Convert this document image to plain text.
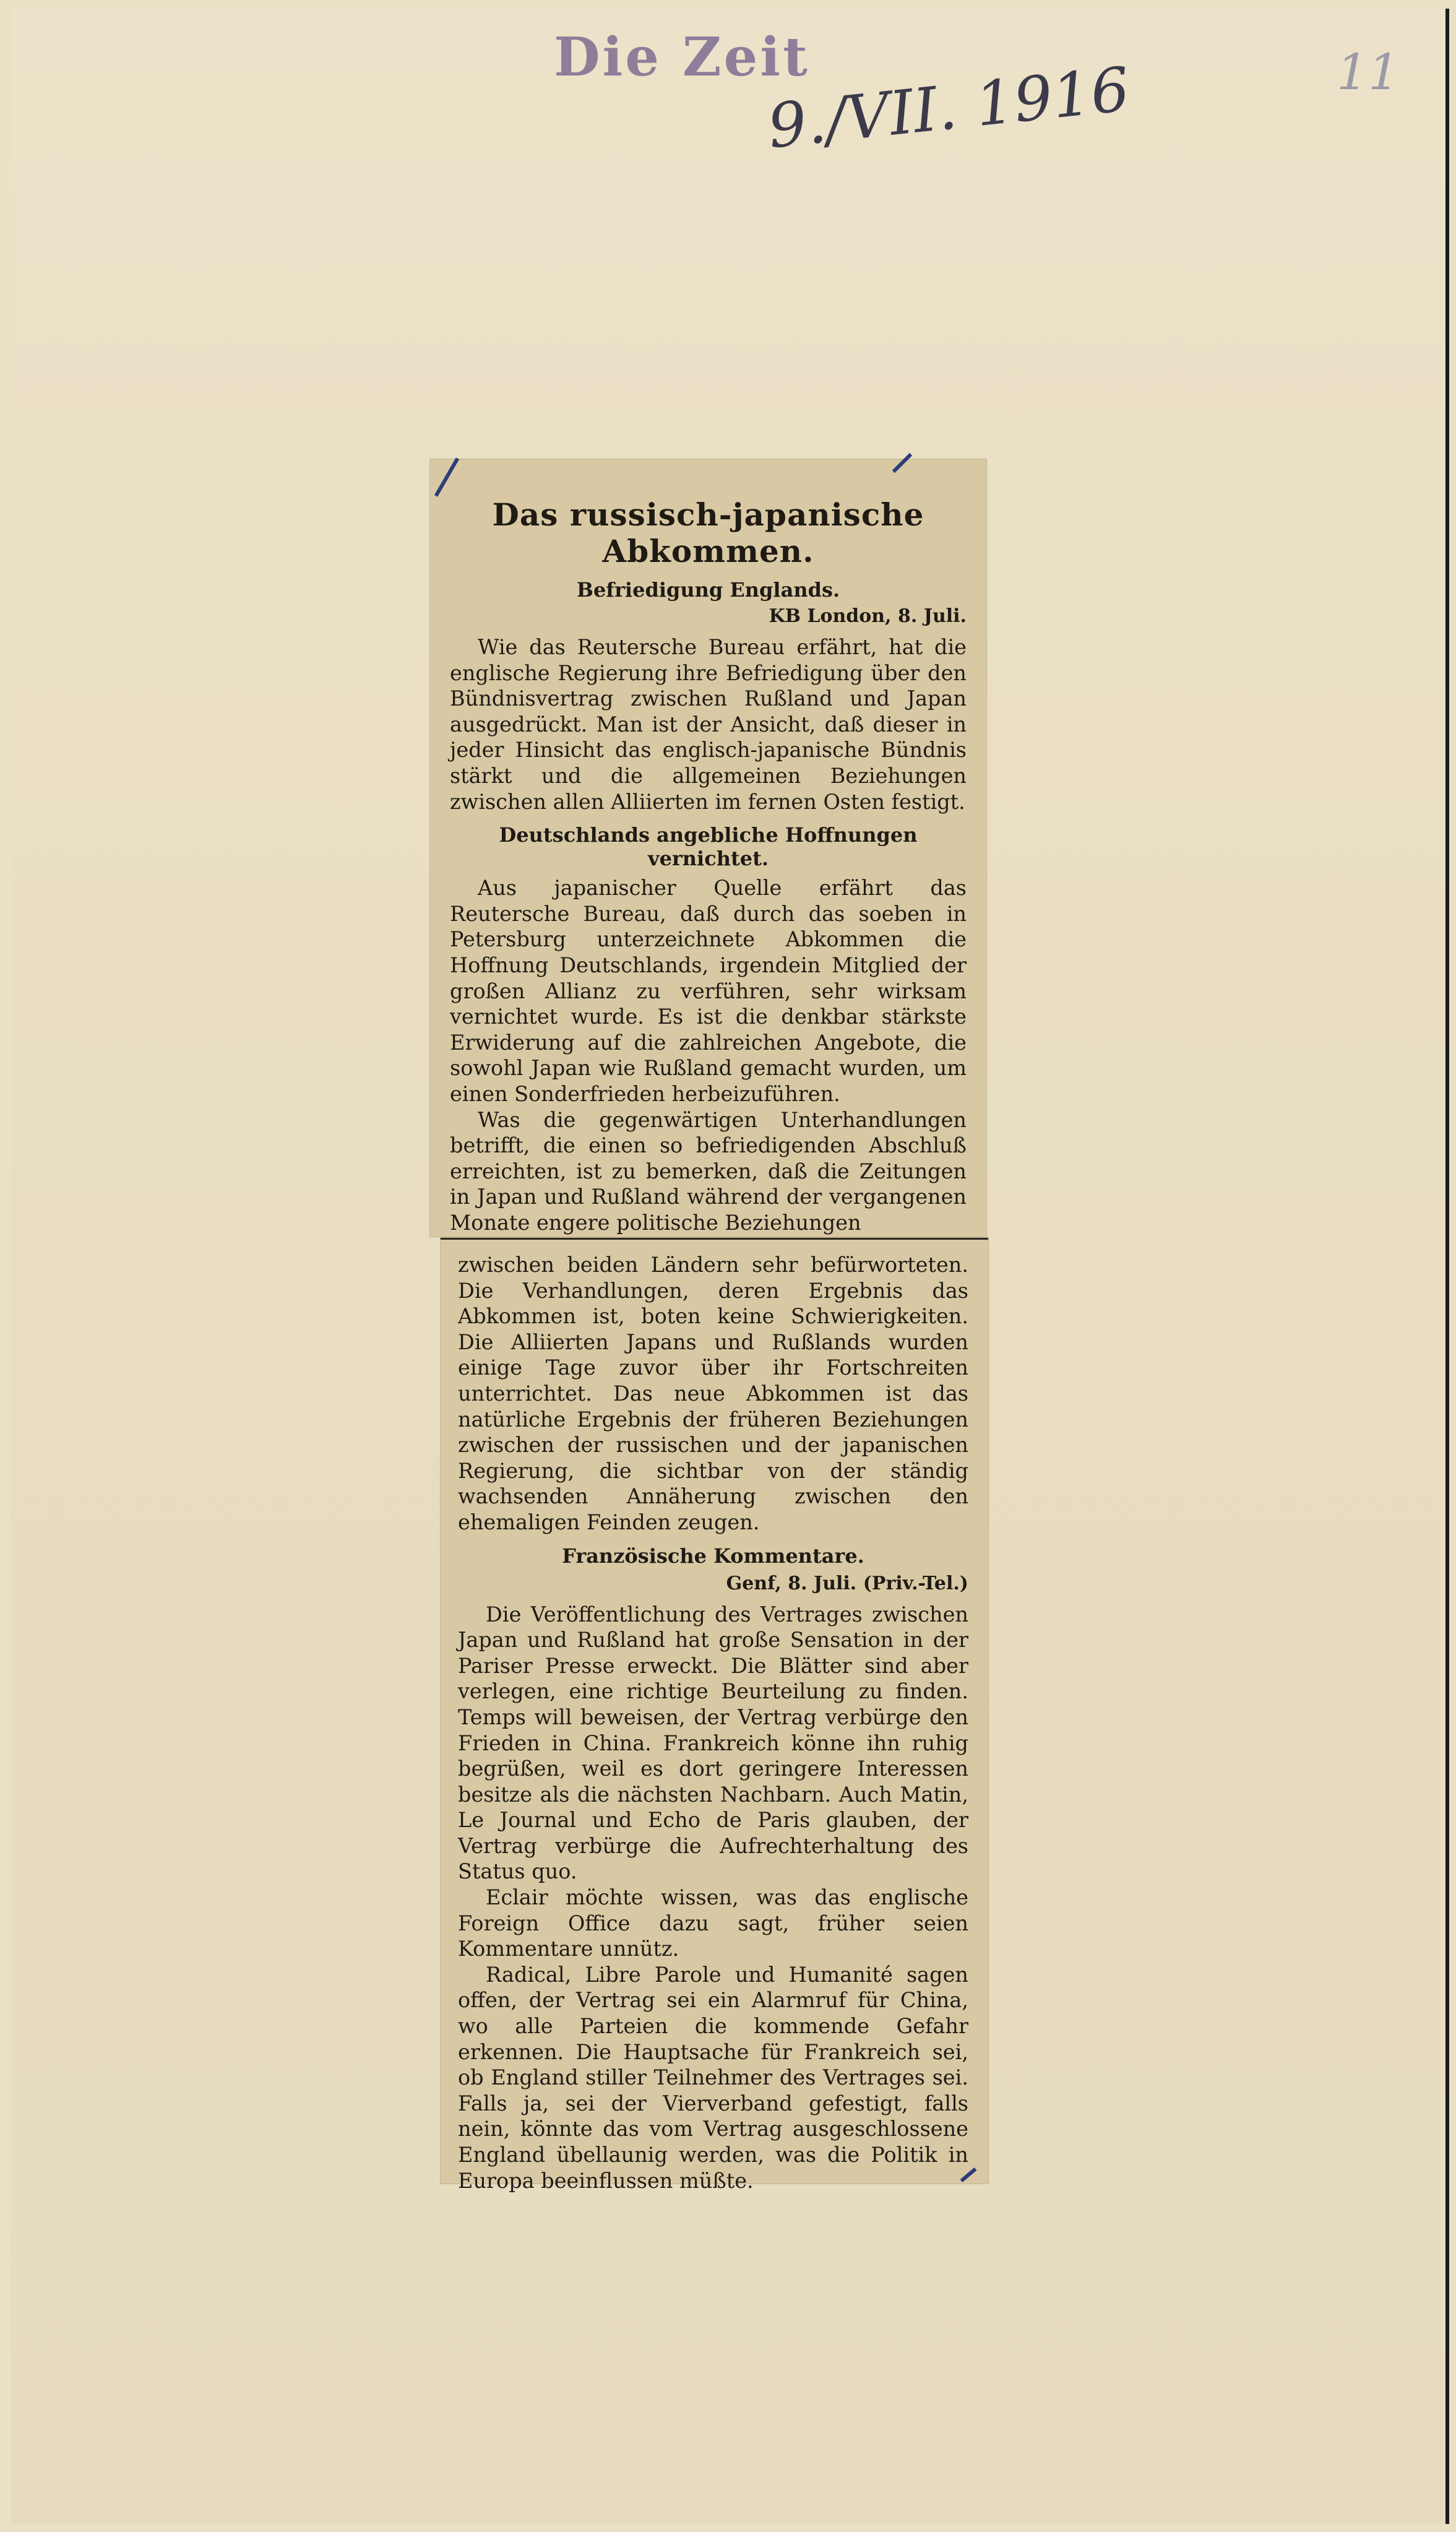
Die Zeit
9./VII. 1916	11
Das russisch-japanische Abkommen.
Befriedigung Englands.
KB London, 8. Juli.

Wie das Reutersche Bureau erfährt, hat die englische Regierung ihre Befriedigung über den Bündnisvertrag zwischen Rußland und Japan ausgedrückt. Man ist der Ansicht, daß dieser in jeder Hinsicht das englisch-japanische Bündnis stärkt und die allgemeinen Beziehungen zwischen allen Alliierten im fernen Osten festigt.

Deutschlands angebliche Hoffnungen vernichtet.

Aus japanischer Quelle erfährt das Reutersche Bureau, daß durch das soeben in Petersburg unterzeichnete Abkommen die Hoffnung Deutschlands, irgendein Mitglied der großen Allianz zu verführen, sehr wirksam vernichtet wurde. Es ist die denkbar stärkste Erwiderung auf die zahlreichen Angebote, die sowohl Japan wie Rußland gemacht wurden, um einen Sonderfrieden herbeizuführen.

Was die gegenwärtigen Unterhandlungen betrifft, die einen so befriedigenden Abschluß erreichten, ist zu bemerken, daß die Zeitungen in Japan und Rußland während der vergangenen Monate engere politische Beziehungen

zwischen beiden Ländern sehr befürworteten. Die Verhandlungen, deren Ergebnis das Abkommen ist, boten keine Schwierigkeiten. Die Alliierten Japans und Rußlands wurden einige Tage zuvor über ihr Fortschreiten unterrichtet. Das neue Abkommen ist das natürliche Ergebnis der früheren Beziehungen zwischen der russischen und der japanischen Regierung, die sichtbar von der ständig wachsenden Annäherung zwischen den ehemaligen Feinden zeugen.

Französische Kommentare.
Genf, 8. Juli. (Priv.-Tel.)

Die Veröffentlichung des Vertrages zwischen Japan und Rußland hat große Sensation in der Pariser Presse erweckt. Die Blätter sind aber verlegen, eine richtige Beurteilung zu finden. Temps will beweisen, der Vertrag verbürge den Frieden in China. Frankreich könne ihn ruhig begrüßen, weil es dort geringere Interessen besitze als die nächsten Nachbarn. Auch Matin, Le Journal und Echo de Paris glauben, der Vertrag verbürge die Aufrechterhaltung des Status quo.

Eclair möchte wissen, was das englische Foreign Office dazu sagt, früher seien Kommentare unnütz.

Radical, Libre Parole und Humanité sagen offen, der Vertrag sei ein Alarmruf für China, wo alle Parteien die kommende Gefahr erkennen. Die Hauptsache für Frankreich sei, ob England stiller Teilnehmer des Vertrages sei. Falls ja, sei der Vierverband gefestigt, falls nein, könnte das vom Vertrag ausgeschlossene England übellaunig werden, was die Politik in Europa beeinflussen müßte.
